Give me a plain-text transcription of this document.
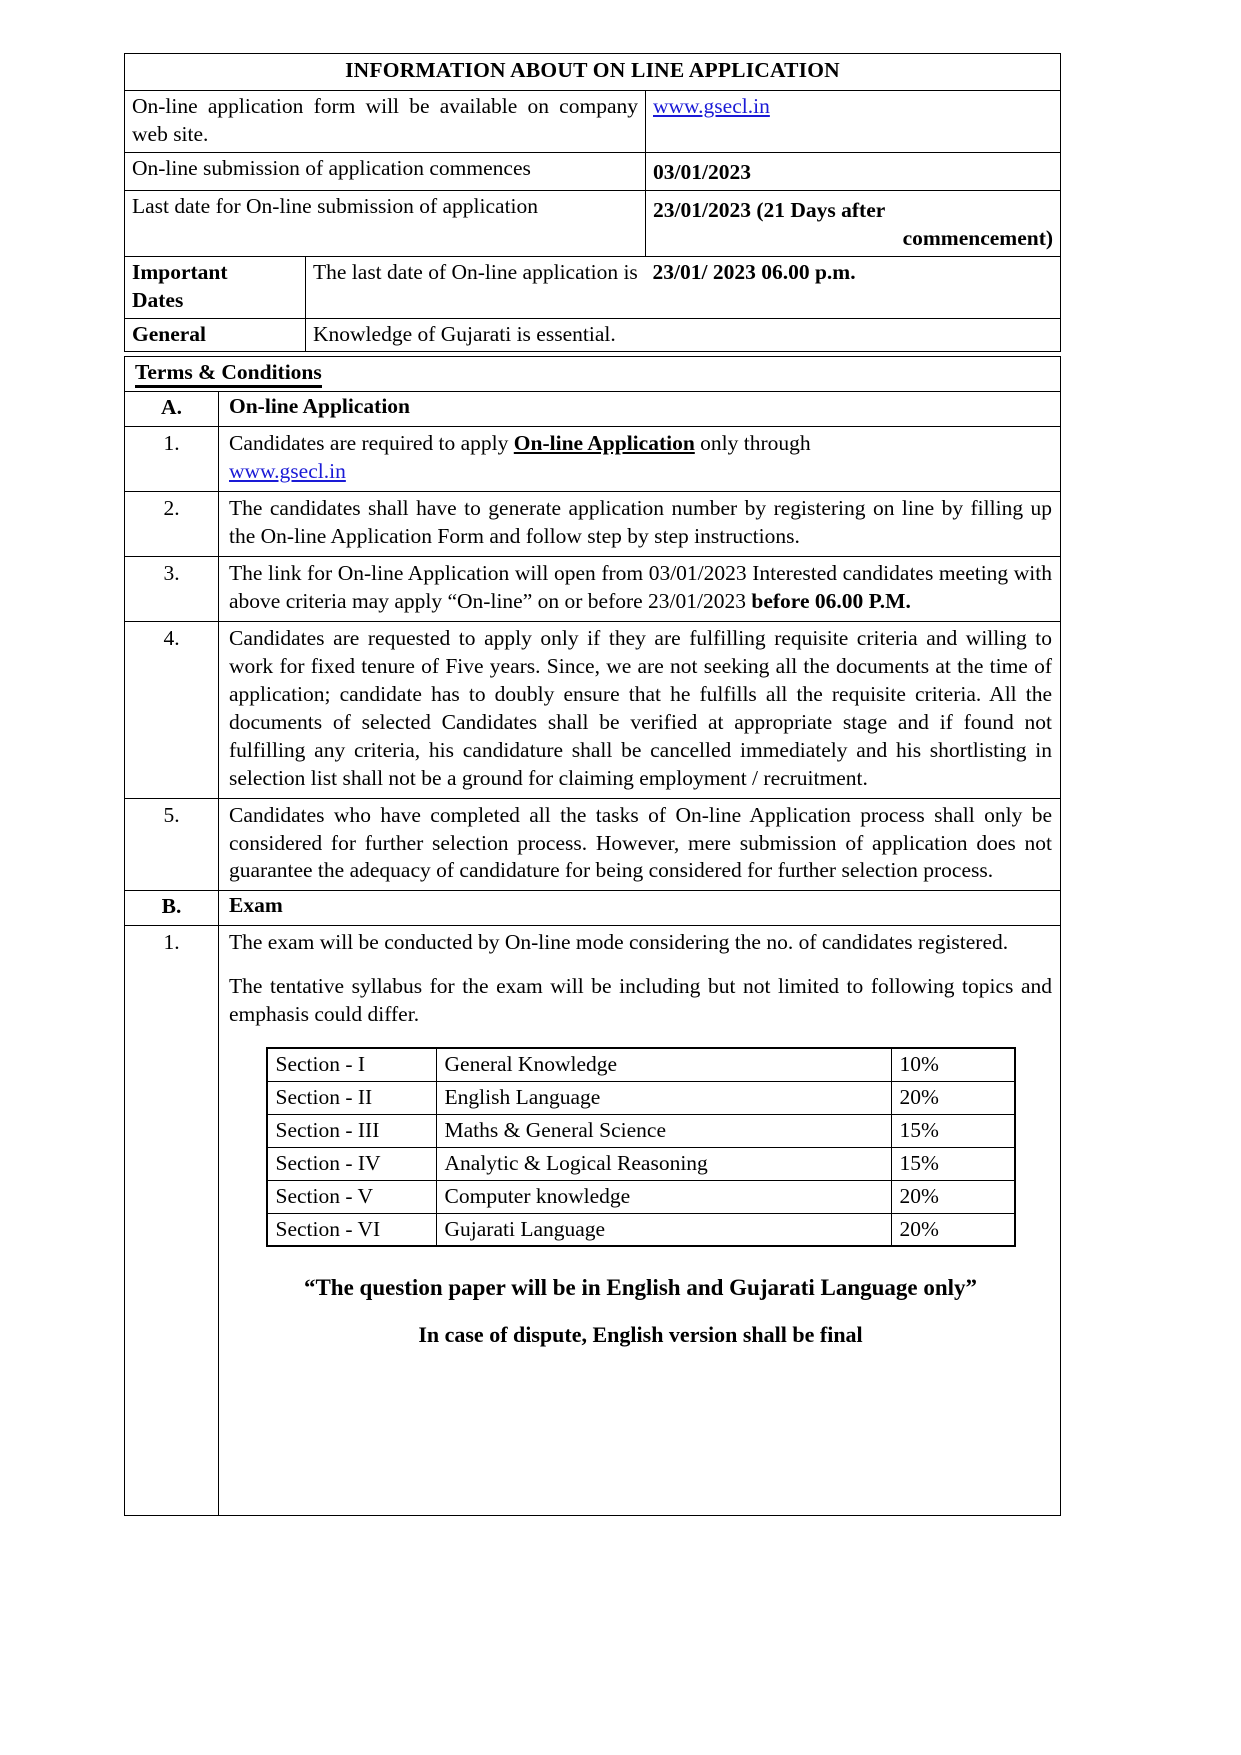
INFORMATION ABOUT ON LINE APPLICATION		
On-line application form will be available on company web site.		www.gsecl.in
On-line submission of application commences		03/01/2023
Last date for On-line submission of application		23/01/2023 (21 Days after
commencement)

Important
Dates	The last date of On-line application is	23/01/ 2023 06.00 p.m.
General	Knowledge of Gujarati is essential.	
Terms & Conditions
A.	On-line Application
1.	Candidates are required to apply On-line Application only through
www.gsecl.in

2.	The candidates shall have to generate application number by registering on line by filling up the On-line Application Form and follow step by step instructions.

3.	The link for On-line Application will open from 03/01/2023 Interested candidates meeting with above criteria may apply “On-line” on or before 23/01/2023 before 06.00 P.M.

4.	Candidates are requested to apply only if they are fulfilling requisite criteria and willing to work for fixed tenure of Five years. Since, we are not seeking all the documents at the time of application; candidate has to doubly ensure that he fulfills all the requisite criteria. All the documents of selected Candidates shall be verified at appropriate stage and if found not fulfilling any criteria, his candidature shall be cancelled immediately and his shortlisting in selection list shall not be a ground for claiming employment / recruitment.

5.	Candidates who have completed all the tasks of On-line Application process shall only be considered for further selection process. However, mere submission of application does not guarantee the adequacy of candidature for being considered for further selection process.

B.	Exam
1.	The exam will be conducted by On-line mode considering the no. of candidates registered.

The tentative syllabus for the exam will be including but not limited to following topics and emphasis could differ.

Section - I	General Knowledge	10%
Section - II	English Language	20%
Section - III	Maths & General Science	15%
Section - IV	Analytic & Logical Reasoning	15%
Section - V	Computer knowledge	20%
Section - VI	Gujarati Language	20%
“The question paper will be in English and Gujarati Language only”
In case of dispute, English version shall be final
